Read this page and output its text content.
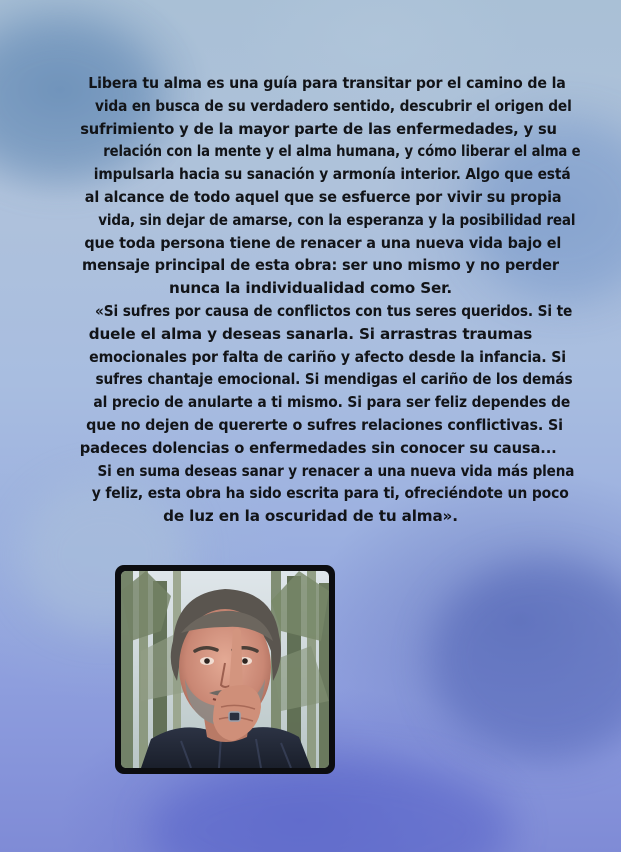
Libera tu alma es una guía para transitar por el camino de la
vida en busca de su verdadero sentido, descubrir el origen del
sufrimiento y de la mayor parte de las enfermedades, y su
relación con la mente y el alma humana, y cómo liberar el alma e
impulsarla hacia su sanación y armonía interior. Algo que está
al alcance de todo aquel que se esfuerce por vivir su propia
vida, sin dejar de amarse, con la esperanza y la posibilidad real
que toda persona tiene de renacer a una nueva vida bajo el
mensaje principal de esta obra: ser uno mismo y no perder
nunca la individualidad como Ser.
«Si sufres por causa de conflictos con tus seres queridos. Si te
duele el alma y deseas sanarla. Si arrastras traumas
emocionales por falta de cariño y afecto desde la infancia. Si
sufres chantaje emocional. Si mendigas el cariño de los demás
al precio de anularte a ti mismo. Si para ser feliz dependes de
que no dejen de quererte o sufres relaciones conflictivas. Si
padeces dolencias o enfermedades sin conocer su causa...
Si en suma deseas sanar y renacer a una nueva vida más plena
y feliz, esta obra ha sido escrita para ti, ofreciéndote un poco
de luz en la oscuridad de tu alma».
